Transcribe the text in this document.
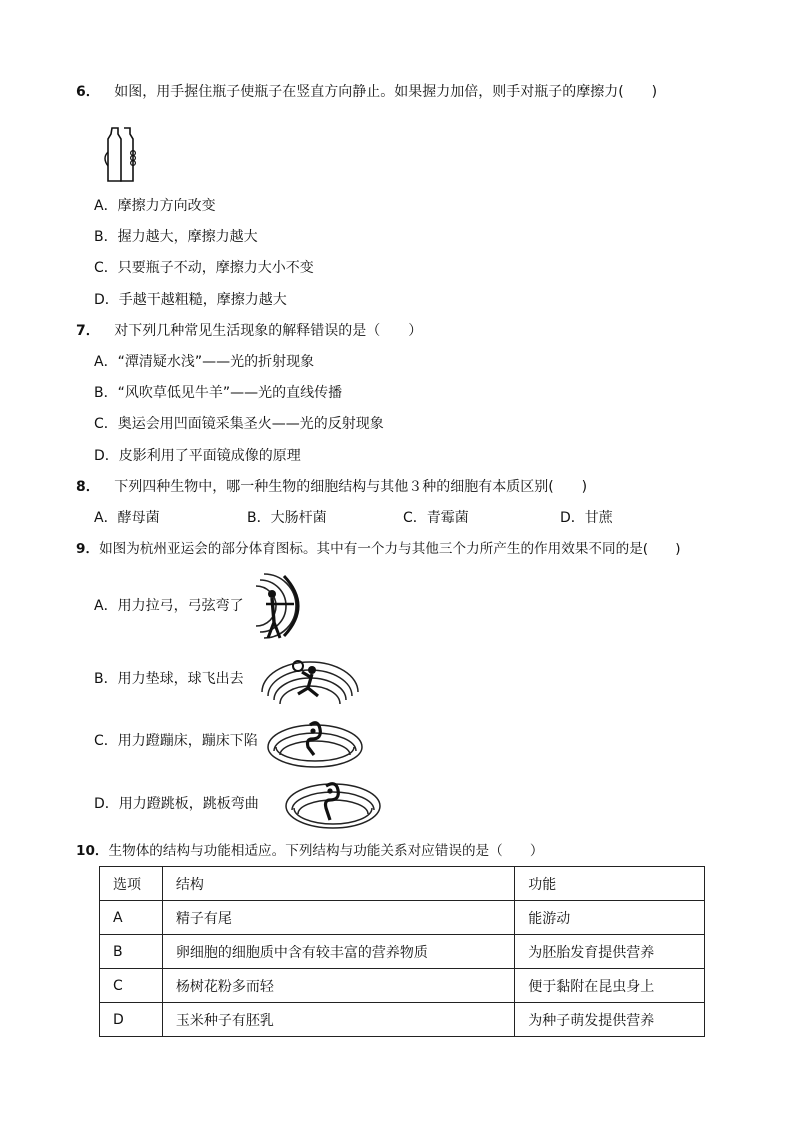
6． 如图，用手握住瓶子使瓶子在竖直方向静止。如果握力加倍，则手对瓶子的摩擦力(　　)
A．摩擦力方向改变
B．握力越大，摩擦力越大
C．只要瓶子不动，摩擦力大小不变
D．手越干越粗糙，摩擦力越大
7． 对下列几种常见生活现象的解释错误的是（　　）
A．“潭清疑水浅”——光的折射现象
B．“风吹草低见牛羊”——光的直线传播
C．奥运会用凹面镜采集圣火——光的反射现象
D．皮影利用了平面镜成像的原理
8． 下列四种生物中，哪一种生物的细胞结构与其他３种的细胞有本质区别(　　)
A．酵母菌	B．大肠杆菌	C．青霉菌	D．甘蔗
9．如图为杭州亚运会的部分体育图标。其中有一个力与其他三个力所产生的作用效果不同的是(　　)
A．用力拉弓，弓弦弯了
B．用力垫球，球飞出去
C．用力蹬蹦床，蹦床下陷
D．用力蹬跳板，跳板弯曲
10．生物体的结构与功能相适应。下列结构与功能关系对应错误的是（　　）
选项	结构	功能
A	精子有尾	能游动
B	卵细胞的细胞质中含有较丰富的营养物质	为胚胎发育提供营养
C	杨树花粉多而轻	便于黏附在昆虫身上
D	玉米种子有胚乳	为种子萌发提供营养
